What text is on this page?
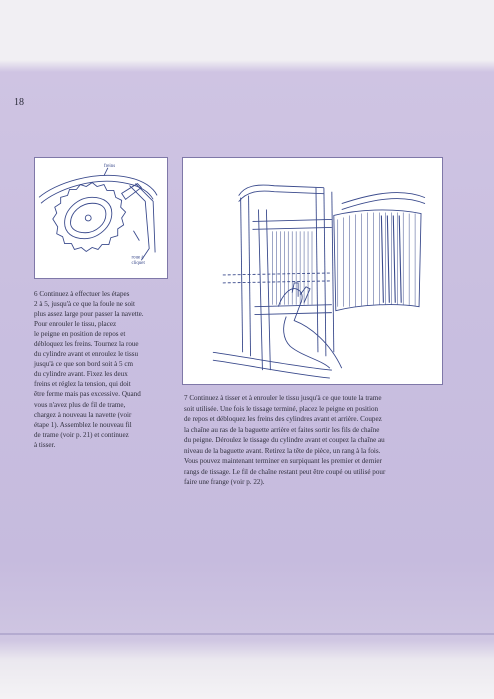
18
freins
roue à cliquet
6 Continuez à effectuer les étapes
2 à 5, jusqu'à ce que la foule ne soit
plus assez large pour passer la navette.
Pour enrouler le tissu, placez
le peigne en position de repos et
débloquez les freins. Tournez la roue
du cylindre avant et enroulez le tissu
jusqu'à ce que son bord soit à 5 cm
du cylindre avant. Fixez les deux
freins et réglez la tension, qui doit
être ferme mais pas excessive. Quand
vous n'avez plus de fil de trame,
chargez à nouveau la navette (voir
étape 1). Assemblez le nouveau fil
de trame (voir p. 21) et continuez
à tisser.
7 Continuez à tisser et à enrouler le tissu jusqu'à ce que toute la trame
soit utilisée. Une fois le tissage terminé, placez le peigne en position
de repos et débloquez les freins des cylindres avant et arrière. Coupez
la chaîne au ras de la baguette arrière et faites sortir les fils de chaîne
du peigne. Déroulez le tissage du cylindre avant et coupez la chaîne au
niveau de la baguette avant. Retirez la tête de pièce, un rang à la fois.
Vous pouvez maintenant terminer en surpiquant les premier et dernier
rangs de tissage. Le fil de chaîne restant peut être coupé ou utilisé pour
faire une frange (voir p. 22).
